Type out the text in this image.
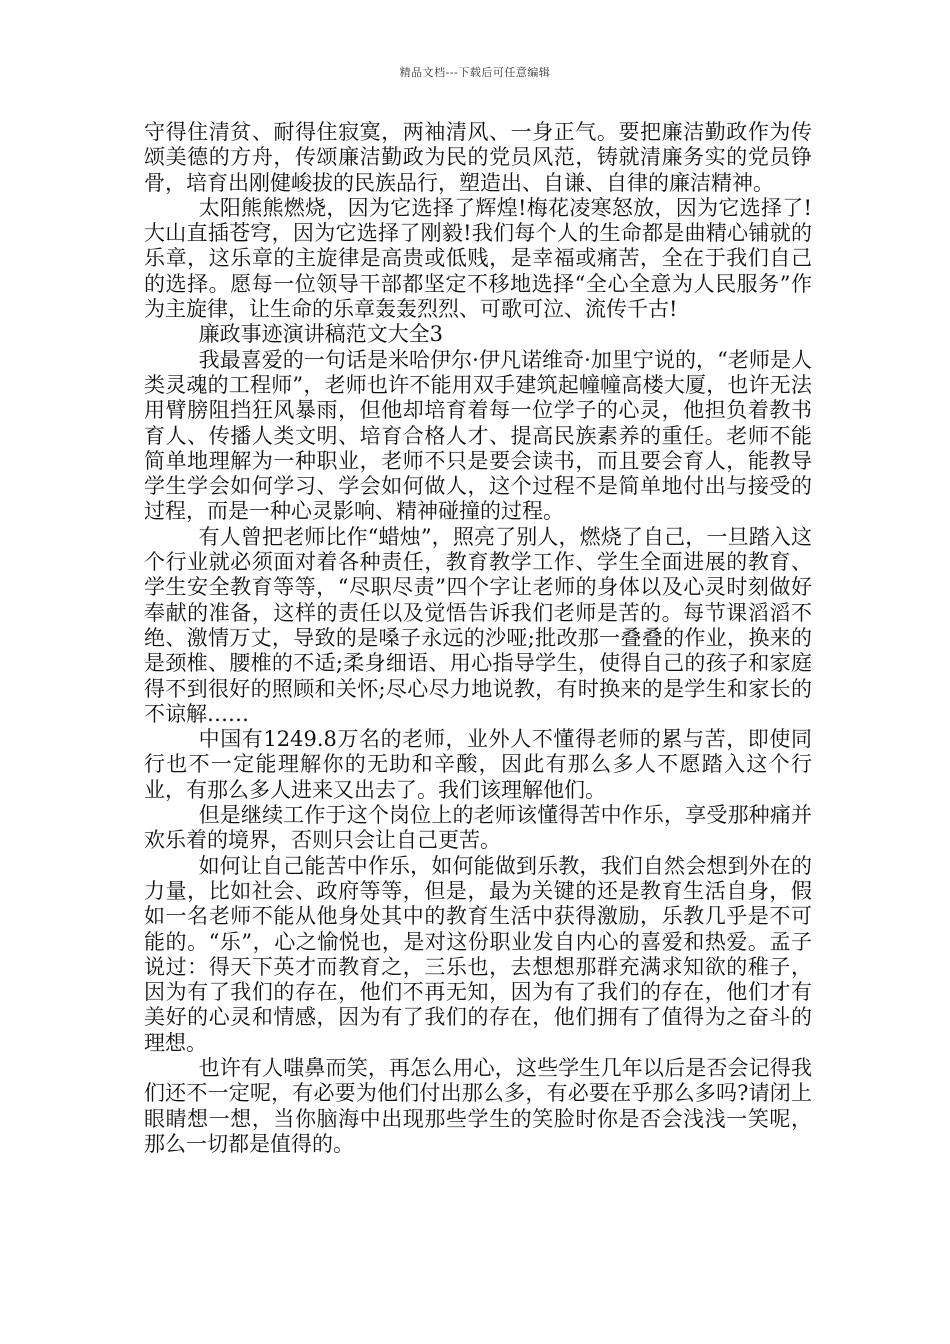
精品文档---下载后可任意编辑

守得住清贫、耐得住寂寞，两袖清风、一身正气。要把廉洁勤政作为传颂美德的方舟，传颂廉洁勤政为民的党员风范，铸就清廉务实的党员铮骨，培育出刚健峻拔的民族品行，塑造出、自谦、自律的廉洁精神。

太阳熊熊燃烧，因为它选择了辉煌!梅花凌寒怒放，因为它选择了!大山直插苍穹，因为它选择了刚毅!我们每个人的生命都是曲精心铺就的乐章，这乐章的主旋律是高贵或低贱，是幸福或痛苦，全在于我们自己的选择。愿每一位领导干部都坚定不移地选择“全心全意为人民服务”作为主旋律，让生命的乐章轰轰烈烈、可歌可泣、流传千古!

廉政事迹演讲稿范文大全3

我最喜爱的一句话是米哈伊尔·伊凡诺维奇·加里宁说的，“老师是人类灵魂的工程师”，老师也许不能用双手建筑起幢幢高楼大厦，也许无法用臂膀阻挡狂风暴雨，但他却培育着每一位学子的心灵，他担负着教书育人、传播人类文明、培育合格人才、提高民族素养的重任。老师不能简单地理解为一种职业，老师不只是要会读书，而且要会育人，能教导学生学会如何学习、学会如何做人，这个过程不是简单地付出与接受的过程，而是一种心灵影响、精神碰撞的过程。

有人曾把老师比作“蜡烛”，照亮了别人，燃烧了自己，一旦踏入这个行业就必须面对着各种责任，教育教学工作、学生全面进展的教育、学生安全教育等等，“尽职尽责”四个字让老师的身体以及心灵时刻做好奉献的准备，这样的责任以及觉悟告诉我们老师是苦的。每节课滔滔不绝、激情万丈，导致的是嗓子永远的沙哑;批改那一叠叠的作业，换来的是颈椎、腰椎的不适;柔身细语、用心指导学生，使得自己的孩子和家庭得不到很好的照顾和关怀;尽心尽力地说教，有时换来的是学生和家长的不谅解……

中国有1249.8万名的老师，业外人不懂得老师的累与苦，即使同行也不一定能理解你的无助和辛酸，因此有那么多人不愿踏入这个行业，有那么多人进来又出去了。我们该理解他们。

但是继续工作于这个岗位上的老师该懂得苦中作乐，享受那种痛并欢乐着的境界，否则只会让自己更苦。

如何让自己能苦中作乐，如何能做到乐教，我们自然会想到外在的力量，比如社会、政府等等，但是，最为关键的还是教育生活自身，假如一名老师不能从他身处其中的教育生活中获得激励，乐教几乎是不可能的。“乐”，心之愉悦也，是对这份职业发自内心的喜爱和热爱。孟子说过：得天下英才而教育之，三乐也，去想想那群充满求知欲的稚子，因为有了我们的存在，他们不再无知，因为有了我们的存在，他们才有美好的心灵和情感，因为有了我们的存在，他们拥有了值得为之奋斗的理想。

也许有人嗤鼻而笑，再怎么用心，这些学生几年以后是否会记得我们还不一定呢，有必要为他们付出那么多，有必要在乎那么多吗?请闭上眼睛想一想，当你脑海中出现那些学生的笑脸时你是否会浅浅一笑呢，那么一切都是值得的。
